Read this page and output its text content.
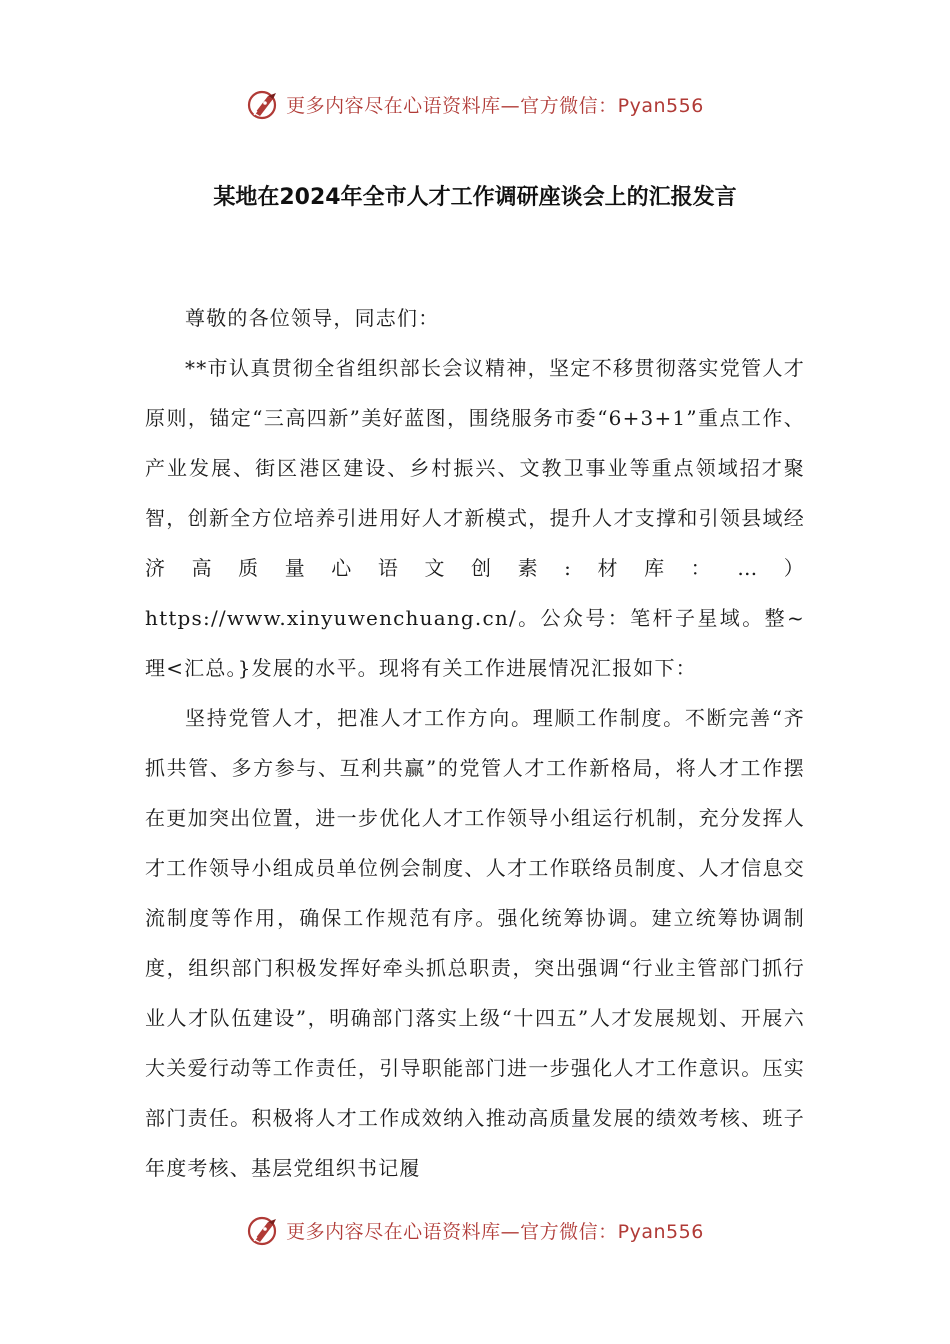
更多内容尽在心语资料库—官方微信：Pyan556
某地在2024年全市人才工作调研座谈会上的汇报发言

尊敬的各位领导，同志们：

**市认真贯彻全省组织部长会议精神，坚定不移贯彻落实党管人才原则，锚定“三高四新”美好蓝图，围绕服务市委“6+3+1”重点工作、产业发展、街区港区建设、乡村振兴、文教卫事业等重点领域招才聚智，创新全方位培养引进用好人才新模式，提升人才支撑和引领县域经济高质量心语文创素:材库：…）https://www.xinyuwenchuang.cn/。公众号：笔杆子星域。整~理<汇总。}发展的水平。现将有关工作进展情况汇报如下：

坚持党管人才，把准人才工作方向。理顺工作制度。不断完善“齐抓共管、多方参与、互利共赢”的党管人才工作新格局，将人才工作摆在更加突出位置，进一步优化人才工作领导小组运行机制，充分发挥人才工作领导小组成员单位例会制度、人才工作联络员制度、人才信息交流制度等作用，确保工作规范有序。强化统筹协调。建立统筹协调制度，组织部门积极发挥好牵头抓总职责，突出强调“行业主管部门抓行业人才队伍建设”，明确部门落实上级“十四五”人才发展规划、开展六大关爱行动等工作责任，引导职能部门进一步强化人才工作意识。压实部门责任。积极将人才工作成效纳入推动高质量发展的绩效考核、班子年度考核、基层党组织书记履

更多内容尽在心语资料库—官方微信：Pyan556
